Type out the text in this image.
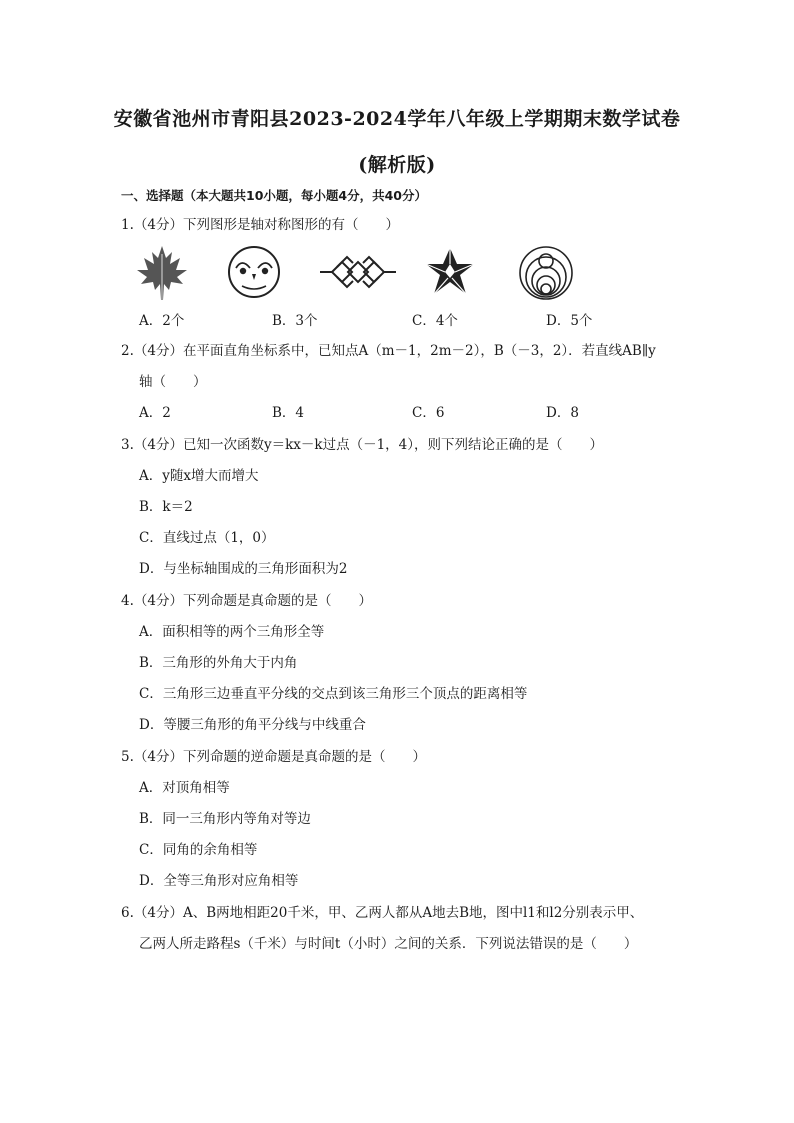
安徽省池州市青阳县2023-2024学年八年级上学期期末数学试卷
(解析版)
一、选择题（本大题共10小题，每小题4分，共40分）
1.（4分）下列图形是轴对称图形的有（　　）
A．2个	B．3个	C．4个	D．5个
2.（4分）在平面直角坐标系中，已知点A（m－1，2m－2），B（－3，2）．若直线AB∥y
轴（　　）
A．2	B．4	C．6	D．8
3.（4分）已知一次函数y＝kx－k过点（－1，4），则下列结论正确的是（　　）
A．y随x增大而增大
B．k＝2
C．直线过点（1，0）
D．与坐标轴围成的三角形面积为2
4.（4分）下列命题是真命题的是（　　）
A．面积相等的两个三角形全等
B．三角形的外角大于内角
C．三角形三边垂直平分线的交点到该三角形三个顶点的距离相等
D．等腰三角形的角平分线与中线重合
5.（4分）下列命题的逆命题是真命题的是（　　）
A．对顶角相等
B．同一三角形内等角对等边
C．同角的余角相等
D．全等三角形对应角相等
6.（4分）A、B两地相距20千米，甲、乙两人都从A地去B地，图中l1和l2分别表示甲、
乙两人所走路程s（千米）与时间t（小时）之间的关系．下列说法错误的是（　　）
